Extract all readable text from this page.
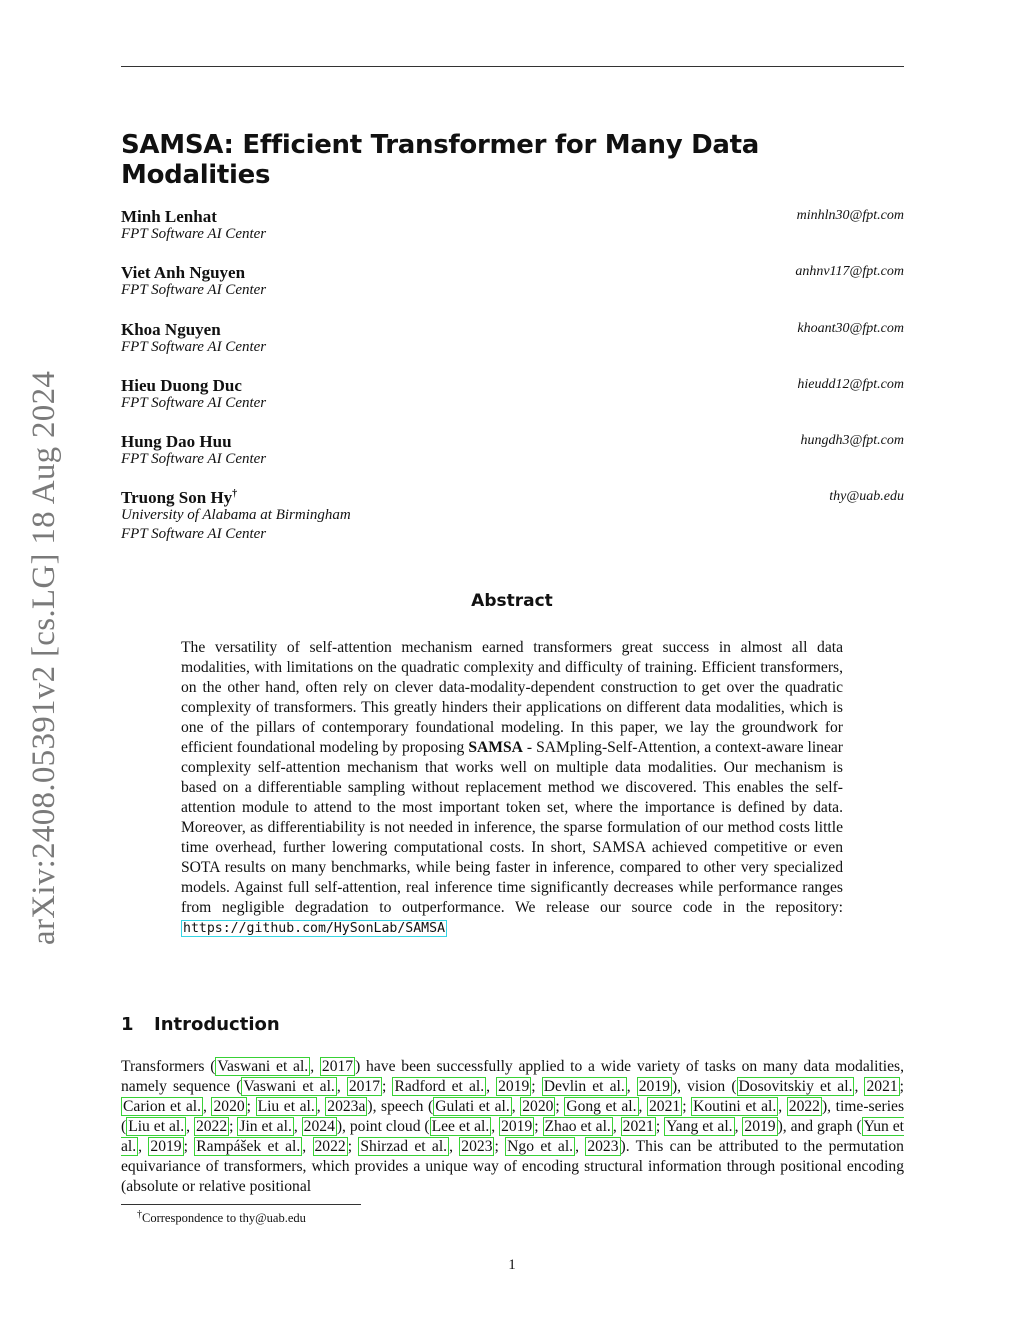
arXiv:2408.05391v2 [cs.LG] 18 Aug 2024
SAMSA: Efficient Transformer for Many Data Modalities
Minh Lenhat	minhln30@fpt.com
FPT Software AI Center
Viet Anh Nguyen	anhnv117@fpt.com
FPT Software AI Center
Khoa Nguyen	khoant30@fpt.com
FPT Software AI Center
Hieu Duong Duc	hieudd12@fpt.com
FPT Software AI Center
Hung Dao Huu	hungdh3@fpt.com
FPT Software AI Center
Truong Son Hy†	thy@uab.edu
University of Alabama at Birmingham
FPT Software AI Center
Abstract
The versatility of self-attention mechanism earned transformers great success in almost all data modalities, with limitations on the quadratic complexity and difficulty of training. Efficient transformers, on the other hand, often rely on clever data-modality-dependent construction to get over the quadratic complexity of transformers. This greatly hinders their applications on different data modalities, which is one of the pillars of contemporary foundational modeling. In this paper, we lay the groundwork for efficient foundational modeling by proposing SAMSA - SAMpling-Self-Attention, a context-aware linear complexity self-attention mechanism that works well on multiple data modalities. Our mechanism is based on a differentiable sampling without replacement method we discovered. This enables the self-attention module to attend to the most important token set, where the importance is defined by data. Moreover, as differentiability is not needed in inference, the sparse formulation of our method costs little time overhead, further lowering computational costs. In short, SAMSA achieved competitive or even SOTA results on many benchmarks, while being faster in inference, compared to other very specialized models. Against full self-attention, real inference time significantly decreases while performance ranges from negligible degradation to outperformance. We release our source code in the repository: https://github.com/HySonLab/SAMSA
1 Introduction
Transformers ( Vaswani et al. , 2017 ) have been successfully applied to a wide variety of tasks on many data modalities, namely sequence ( Vaswani et al. , 2017 ; Radford et al. , 2019 ; Devlin et al. , 2019 ), vision ( Dosovitskiy et al. , 2021 ; Carion et al. , 2020 ; Liu et al. , 2023a ), speech ( Gulati et al. , 2020 ; Gong et al. , 2021 ; Koutini et al. , 2022 ), time-series ( Liu et al. , 2022 ; Jin et al. , 2024 ), point cloud ( Lee et al. , 2019 ; Zhao et al. , 2021 ; Yang et al. , 2019 ), and graph ( Yun et al. , 2019 ; Rampášek et al. , 2022 ; Shirzad et al. , 2023 ; Ngo et al. , 2023 ). This can be attributed to the permutation equivariance of transformers, which provides a unique way of encoding structural information through positional encoding (absolute or relative positional
†Correspondence to thy@uab.edu
1
